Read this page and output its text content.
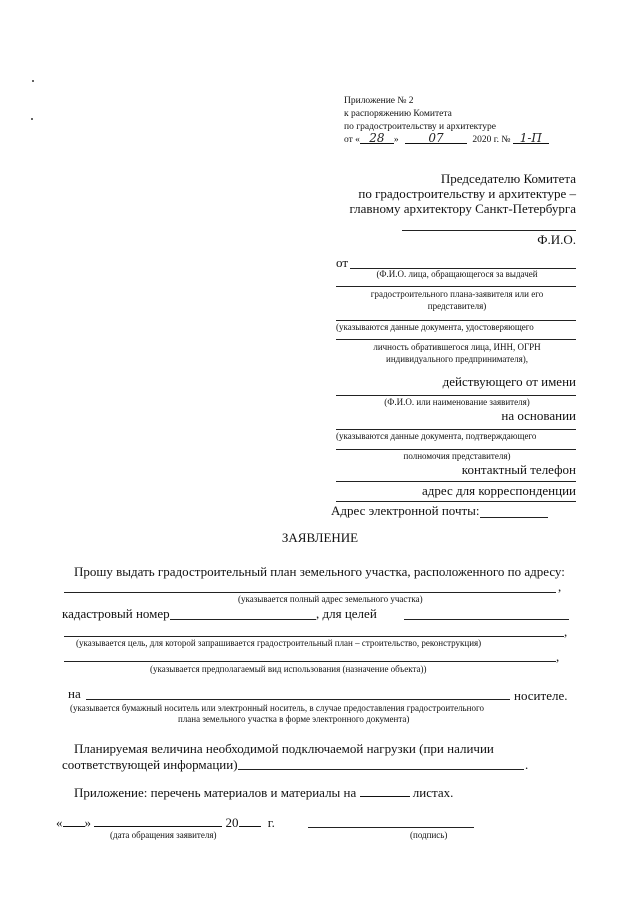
Приложение № 2
к распоряжению Комитета
по градостроительству и архитектуре
от « 28 » 07	2020 г. № 1-П
Председателю Комитета
по градостроительству и архитектуре –
главному архитектору Санкт-Петербурга
Ф.И.О.
от
(Ф.И.О. лица, обращающегося за выдачей
градостроительного плана-заявителя или его
представителя)
(указываются данные документа, удостоверяющего
личность обратившегося лица, ИНН, ОГРН
индивидуального предпринимателя),
действующего от имени
(Ф.И.О. или наименование заявителя)
на основании
(указываются данные документа, подтверждающего
полномочия представителя)
контактный телефон
адрес для корреспонденции
Адрес электронной почты:
ЗАЯВЛЕНИЕ
Прошу выдать градостроительный план земельного участка, расположенного по адресу:
,
(указывается полный адрес земельного участка)
кадастровый номер	, для целей
,
(указывается цель, для которой запрашивается градостроительный план – строительство, реконструкция)
,
(указывается предполагаемый вид использования (назначение объекта))
на	носителе.
(указывается бумажный носитель или электронный носитель, в случае предоставления градостроительного
плана земельного участка в форме электронного документа)
Планируемая величина необходимой подключаемой нагрузки (при наличии
соответствующей информации)	.
Приложение: перечень материалов и материалы на	листах.
« »	20 г.
(дата обращения заявителя)	(подпись)
